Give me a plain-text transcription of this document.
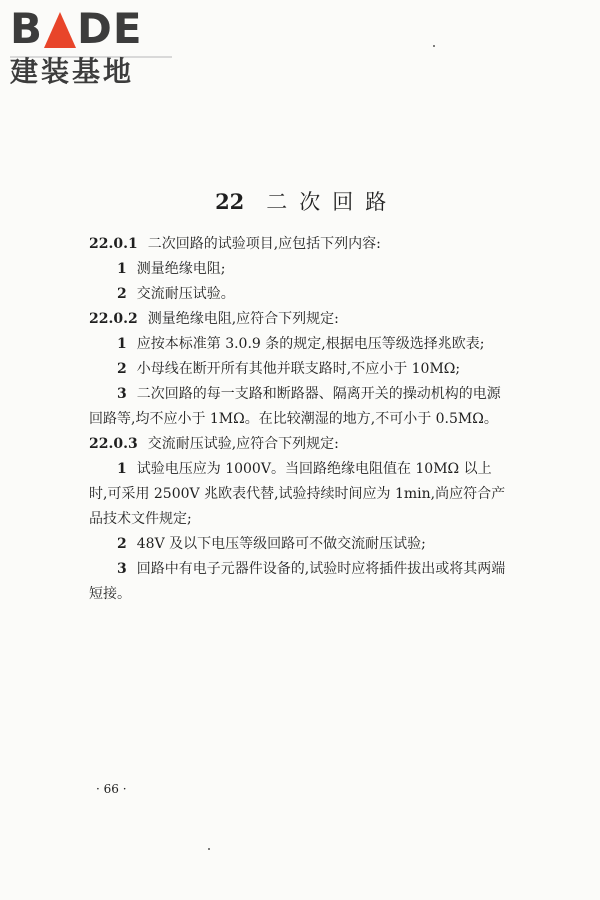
B DE
建装基地

22 二次回路

22.0.1 二次回路的试验项目,应包括下列内容:

1 测量绝缘电阻;

2 交流耐压试验。

22.0.2 测量绝缘电阻,应符合下列规定:

1 应按本标准第 3.0.9 条的规定,根据电压等级选择兆欧表;

2 小母线在断开所有其他并联支路时,不应小于 10MΩ;

3 二次回路的每一支路和断路器、隔离开关的操动机构的电源回路等,均不应小于 1MΩ。在比较潮湿的地方,不可小于 0.5MΩ。

22.0.3 交流耐压试验,应符合下列规定:

1 试验电压应为 1000V。当回路绝缘电阻值在 10MΩ 以上时,可采用 2500V 兆欧表代替,试验持续时间应为 1min,尚应符合产品技术文件规定;

2 48V 及以下电压等级回路可不做交流耐压试验;

3 回路中有电子元器件设备的,试验时应将插件拔出或将其两端短接。

· 66 ·
